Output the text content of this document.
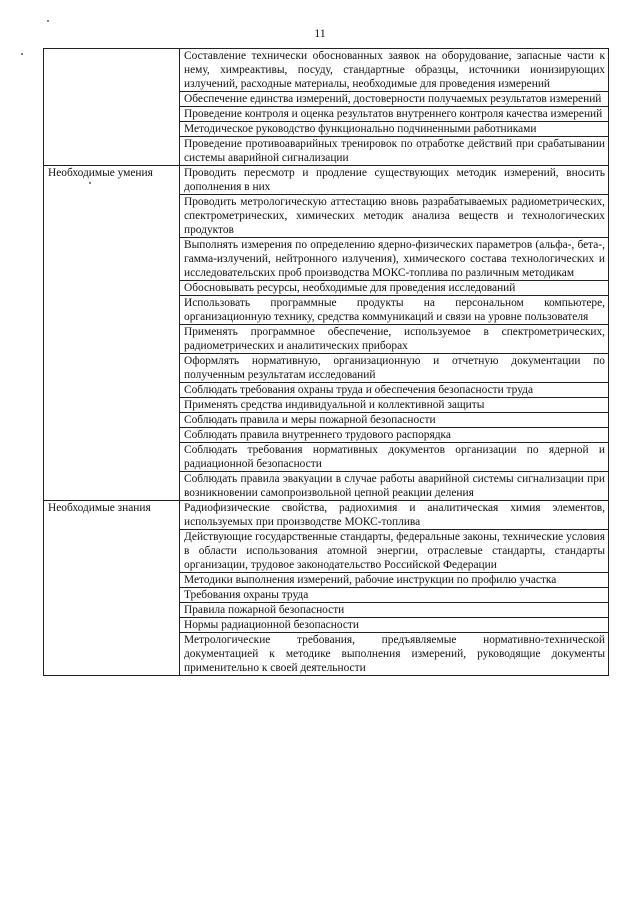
11
	Составление технически обоснованных заявок на оборудование, запасные части к нему, химреактивы, посуду, стандартные образцы, источники ионизирующих излучений, расходные материалы, необходимые для проведения измерений
	Обеспечение единства измерений, достоверности получаемых результатов измерений
	Проведение контроля и оценка результатов внутреннего контроля качества измерений
	Методическое руководство функционально подчиненными работниками
	Проведение противоаварийных тренировок по отработке действий при срабатывании системы аварийной сигнализации
Необходимые умения	Проводить пересмотр и продление существующих методик измерений, вносить дополнения в них
	Проводить метрологическую аттестацию вновь разрабатываемых радиометрических, спектрометрических, химических методик анализа веществ и технологических продуктов
	Выполнять измерения по определению ядерно-физических параметров (альфа-, бета-, гамма-излучений, нейтронного излучения), химического состава технологических и исследовательских проб производства МОКС-топлива по различным методикам
	Обосновывать ресурсы, необходимые для проведения исследований
	Использовать программные продукты на персональном компьютере, организационную технику, средства коммуникаций и связи на уровне пользователя
	Применять программное обеспечение, используемое в спектрометрических, радиометрических и аналитических приборах
	Оформлять нормативную, организационную и отчетную документации по полученным результатам исследований
	Соблюдать требования охраны труда и обеспечения безопасности труда
	Применять средства индивидуальной и коллективной защиты
	Соблюдать правила и меры пожарной безопасности
	Соблюдать правила внутреннего трудового распорядка
	Соблюдать требования нормативных документов организации по ядерной и радиационной безопасности
	Соблюдать правила эвакуации в случае работы аварийной системы сигнализации при возникновении самопроизвольной цепной реакции деления
Необходимые знания	Радиофизические свойства, радиохимия и аналитическая химия элементов, используемых при производстве МОКС-топлива
	Действующие государственные стандарты, федеральные законы, технические условия в области использования атомной энергии, отраслевые стандарты, стандарты организации, трудовое законодательство Российской Федерации
	Методики выполнения измерений, рабочие инструкции по профилю участка
	Требования охраны труда
	Правила пожарной безопасности
	Нормы радиационной безопасности
	Метрологические требования, предъявляемые нормативно-технической документацией к методике выполнения измерений, руководящие документы применительно к своей деятельности
